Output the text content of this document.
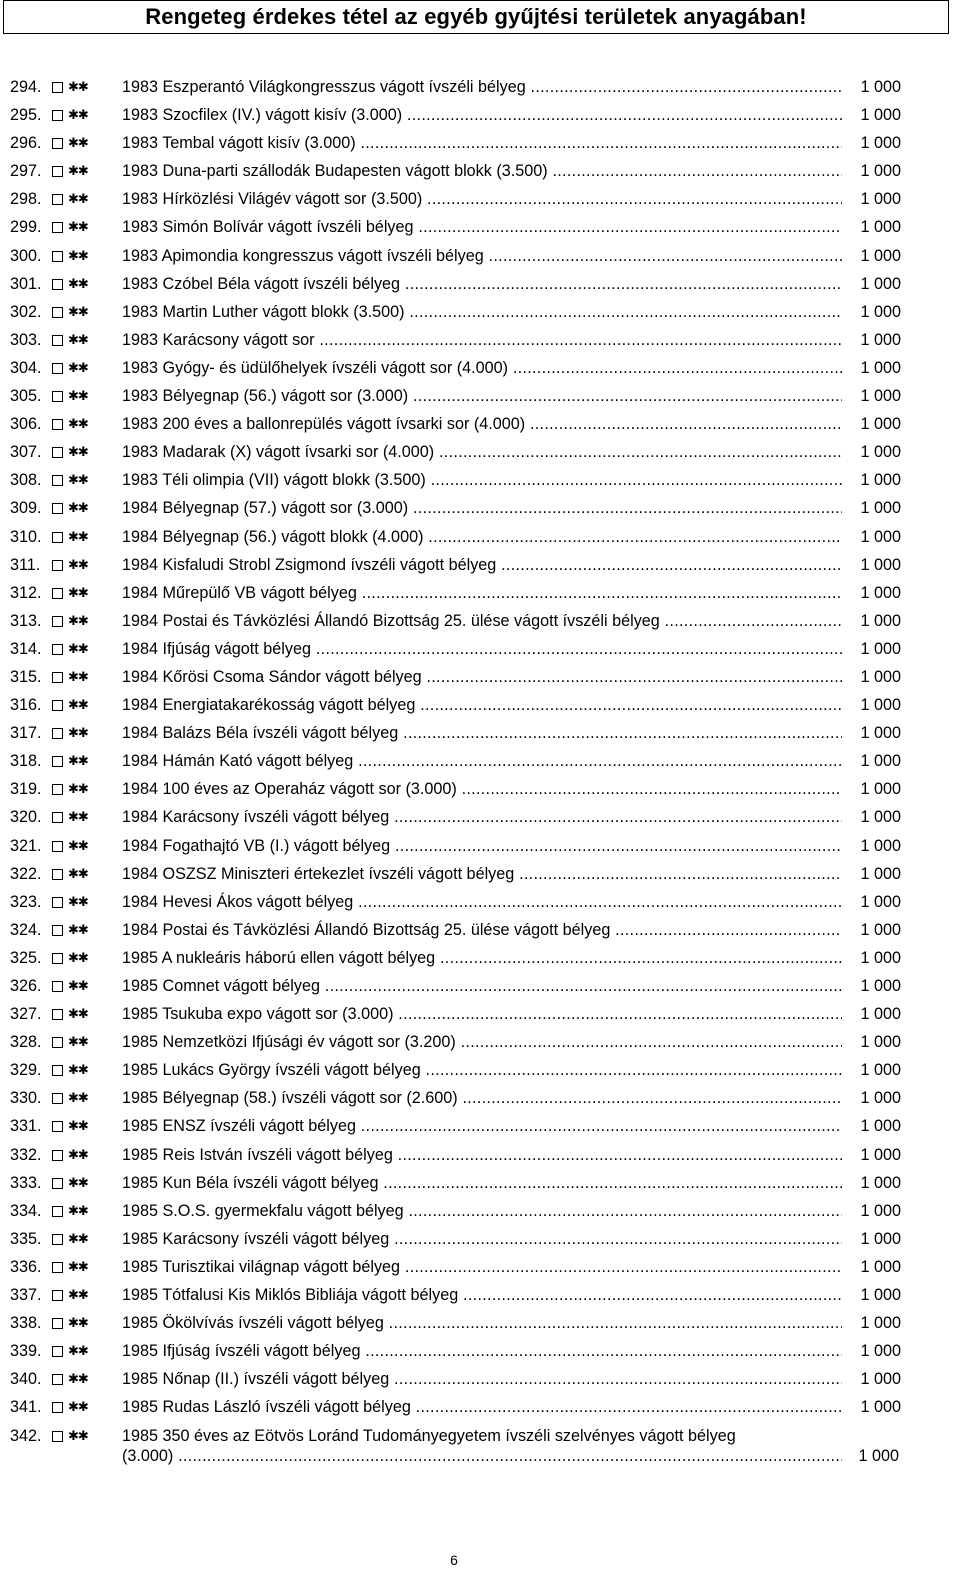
Rengeteg érdekes tétel az egyéb gyűjtési területek anyagában!
294. ✱✱ 1983 Eszperantó Világkongresszus vágott ívszéli bélyeg .....	1 000
295. ✱✱ 1983 Szocfilex (IV.) vágott kisív (3.000) .....	1 000
296. ✱✱ 1983 Tembal vágott kisív (3.000) .....	1 000
297. ✱✱ 1983 Duna-parti szállodák Budapesten vágott blokk (3.500) .....	1 000
298. ✱✱ 1983 Hírközlési Világév vágott sor (3.500) .....	1 000
299. ✱✱ 1983 Simón Bolívár vágott ívszéli bélyeg .....	1 000
300. ✱✱ 1983 Apimondia kongresszus vágott ívszéli bélyeg .....	1 000
301. ✱✱ 1983 Czóbel Béla vágott ívszéli bélyeg .....	1 000
302. ✱✱ 1983 Martin Luther vágott blokk (3.500) .....	1 000
303. ✱✱ 1983 Karácsony vágott sor .....	1 000
304. ✱✱ 1983 Gyógy- és üdülőhelyek ívszéli vágott sor (4.000) .....	1 000
305. ✱✱ 1983 Bélyegnap (56.) vágott sor (3.000) .....	1 000
306. ✱✱ 1983 200 éves a ballonrepülés vágott ívsarki sor (4.000) .....	1 000
307. ✱✱ 1983 Madarak (X) vágott ívsarki sor (4.000) .....	1 000
308. ✱✱ 1983 Téli olimpia (VII) vágott blokk (3.500) .....	1 000
309. ✱✱ 1984 Bélyegnap (57.) vágott sor (3.000) .....	1 000
310. ✱✱ 1984 Bélyegnap (56.) vágott blokk (4.000) .....	1 000
311. ✱✱ 1984 Kisfaludi Strobl Zsigmond ívszéli vágott bélyeg .....	1 000
312. ✱✱ 1984 Műrepülő VB vágott bélyeg .....	1 000
313. ✱✱ 1984 Postai és Távközlési Állandó Bizottság 25. ülése vágott ívszéli bélyeg .....	1 000
314. ✱✱ 1984 Ifjúság vágott bélyeg .....	1 000
315. ✱✱ 1984 Kőrösi Csoma Sándor vágott bélyeg .....	1 000
316. ✱✱ 1984 Energiatakarékosság vágott bélyeg .....	1 000
317. ✱✱ 1984 Balázs Béla ívszéli vágott bélyeg .....	1 000
318. ✱✱ 1984 Hámán Kató vágott bélyeg .....	1 000
319. ✱✱ 1984 100 éves az Operaház vágott sor (3.000) .....	1 000
320. ✱✱ 1984 Karácsony ívszéli vágott bélyeg .....	1 000
321. ✱✱ 1984 Fogathajtó VB (I.) vágott bélyeg .....	1 000
322. ✱✱ 1984 OSZSZ Miniszteri értekezlet ívszéli vágott bélyeg .....	1 000
323. ✱✱ 1984 Hevesi Ákos vágott bélyeg .....	1 000
324. ✱✱ 1984 Postai és Távközlési Állandó Bizottság 25. ülése vágott bélyeg .....	1 000
325. ✱✱ 1985 A nukleáris háború ellen vágott bélyeg .....	1 000
326. ✱✱ 1985 Comnet vágott bélyeg .....	1 000
327. ✱✱ 1985 Tsukuba expo vágott sor (3.000) .....	1 000
328. ✱✱ 1985 Nemzetközi Ifjúsági év vágott sor (3.200) .....	1 000
329. ✱✱ 1985 Lukács György ívszéli vágott bélyeg .....	1 000
330. ✱✱ 1985 Bélyegnap (58.) ívszéli vágott sor (2.600) .....	1 000
331. ✱✱ 1985 ENSZ ívszéli vágott bélyeg .....	1 000
332. ✱✱ 1985 Reis István ívszéli vágott bélyeg .....	1 000
333. ✱✱ 1985 Kun Béla ívszéli vágott bélyeg .....	1 000
334. ✱✱ 1985 S.O.S. gyermekfalu vágott bélyeg .....	1 000
335. ✱✱ 1985 Karácsony ívszéli vágott bélyeg .....	1 000
336. ✱✱ 1985 Turisztikai világnap vágott bélyeg .....	1 000
337. ✱✱ 1985 Tótfalusi Kis Miklós Bibliája vágott bélyeg .....	1 000
338. ✱✱ 1985 Ökölvívás ívszéli vágott bélyeg .....	1 000
339. ✱✱ 1985 Ifjúság ívszéli vágott bélyeg .....	1 000
340. ✱✱ 1985 Nőnap (II.) ívszéli vágott bélyeg .....	1 000
341. ✱✱ 1985 Rudas László ívszéli vágott bélyeg .....	1 000
342. ✱✱ 1985 350 éves az Eötvös Loránd Tudományegyetem ívszéli szelvényes vágott bélyeg
(3.000) .....	1 000
6
